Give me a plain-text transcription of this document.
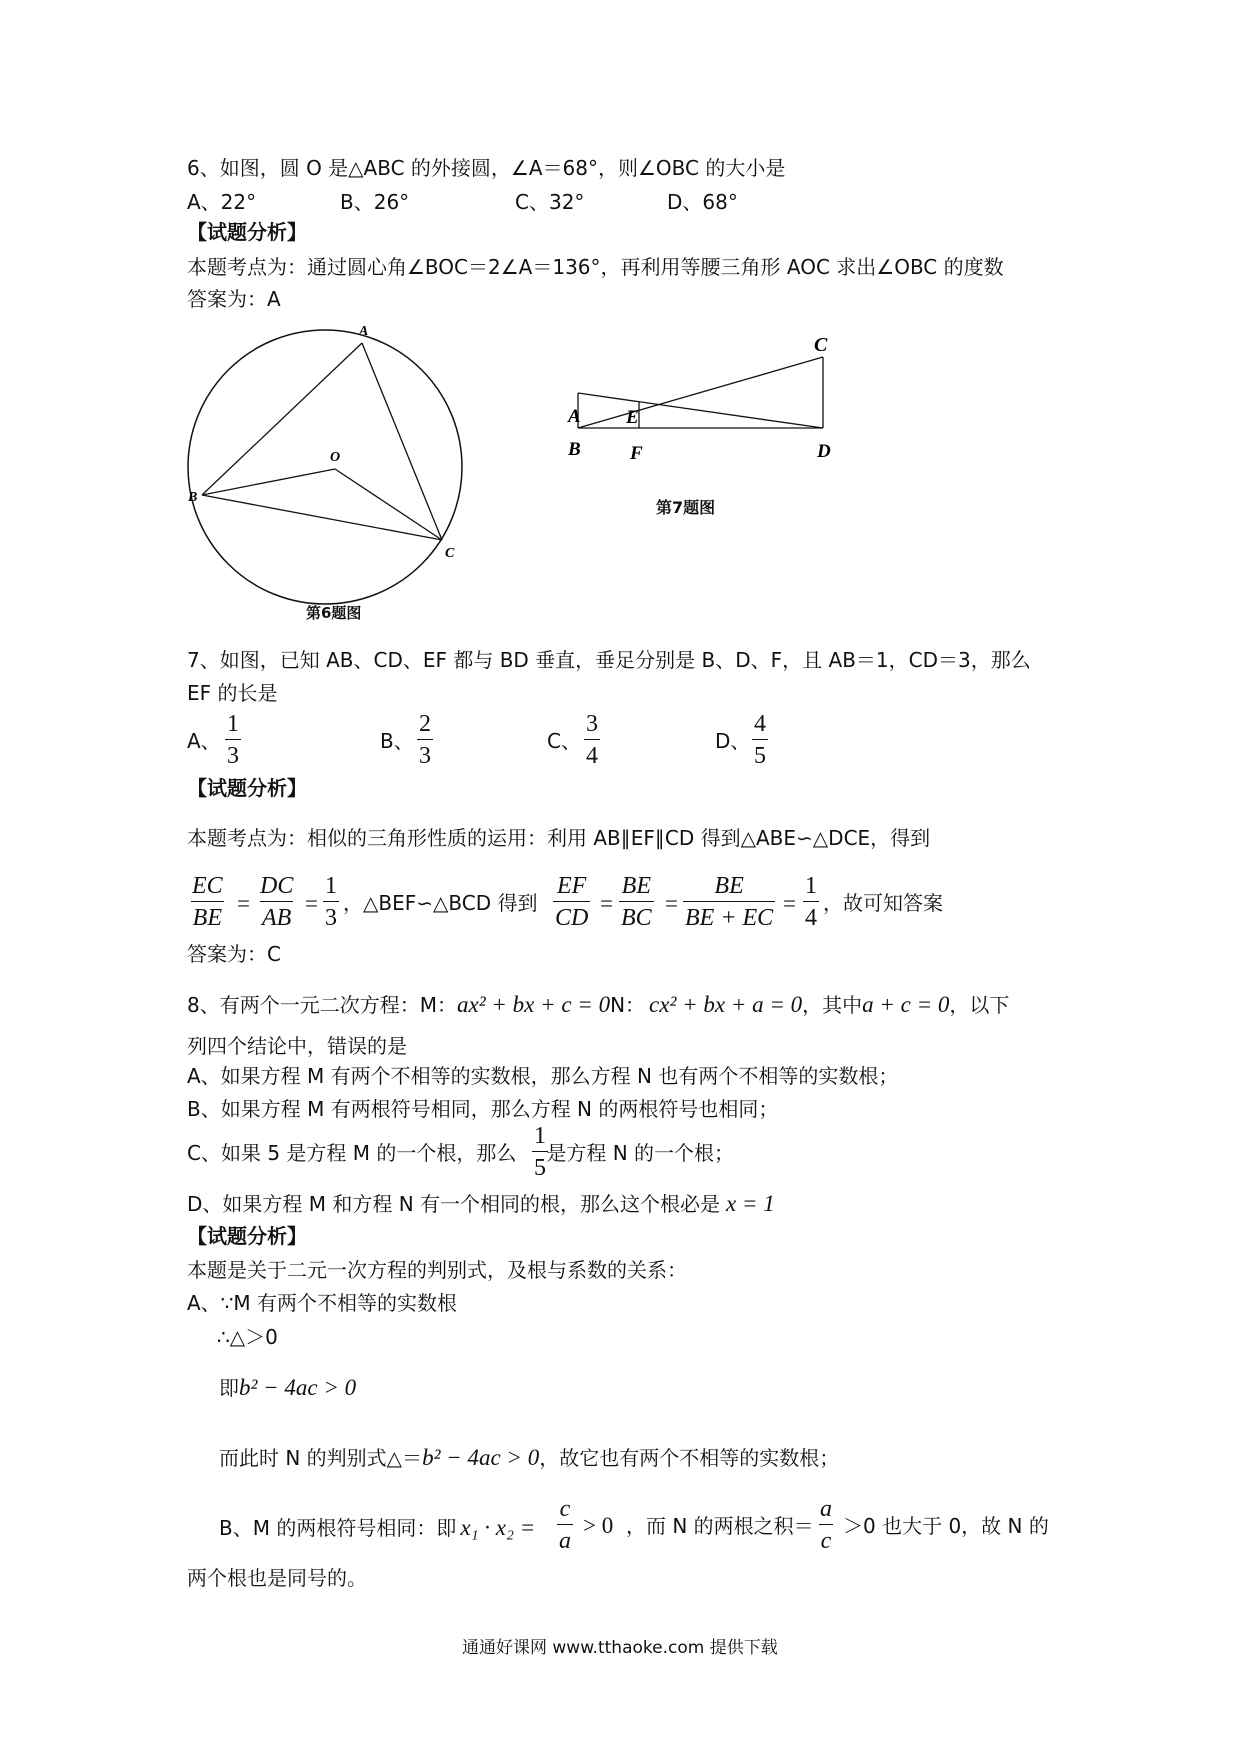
6、如图，圆 O 是△ABC 的外接圆，∠A＝68°，则∠OBC 的大小是
A、22°	B、26°	C、32°	D、68°
【试题分析】
本题考点为：通过圆心角∠BOC＝2∠A＝136°，再利用等腰三角形 AOC 求出∠OBC 的度数
答案为：A
A
B
C
O
第6题图
A
B
C
D
E
F
第7题图
7、如图，已知 AB、CD、EF 都与 BD 垂直，垂足分别是 B、D、F，且 AB＝1，CD＝3，那么
EF 的长是
A、 $\frac{1}{3}$	B、 $\frac{2}{3}$	C、 $\frac{3}{4}$	D、 $\frac{4}{5}$
【试题分析】
本题考点为：相似的三角形性质的运用：利用 AB∥EF∥CD 得到△ABE∽△DCE，得到
$\frac{EC}{BE} = \frac{DC}{AB} = \frac{1}{3}$ ，△BEF∽△BCD 得到 $\frac{EF}{CD} = \frac{BE}{BC} = \frac{BE}{BE + EC} = \frac{1}{4}$ ，故可知答案
答案为：C
8、有两个一元二次方程：M：ax² + bx + c = 0N： cx² + bx + a = 0，其中a + c = 0，以下
列四个结论中，错误的是
A、如果方程 M 有两个不相等的实数根，那么方程 N 也有两个不相等的实数根；
B、如果方程 M 有两根符号相同，那么方程 N 的两根符号也相同；
C、如果 5 是方程 M 的一个根，那么 是方程 N 的一个根；
$\frac{1}{5}$
D、如果方程 M 和方程 N 有一个相同的根，那么这个根必是 x = 1
【试题分析】
本题是关于二元一次方程的判别式，及根与系数的关系：
A、∵M 有两个不相等的实数根
∴△＞0
即b² − 4ac > 0
而此时 N 的判别式△＝b² − 4ac > 0，故它也有两个不相等的实数根；
B、M 的两根符号相同：即 $x_1 \cdot x_2 = \frac{c}{a} > 0$ ，而 N 的两根之积＝ $\frac{a}{c} >0$ 也大于 0，故 N 的
两个根也是同号的。
通通好课网 www.tthaoke.com 提供下载
